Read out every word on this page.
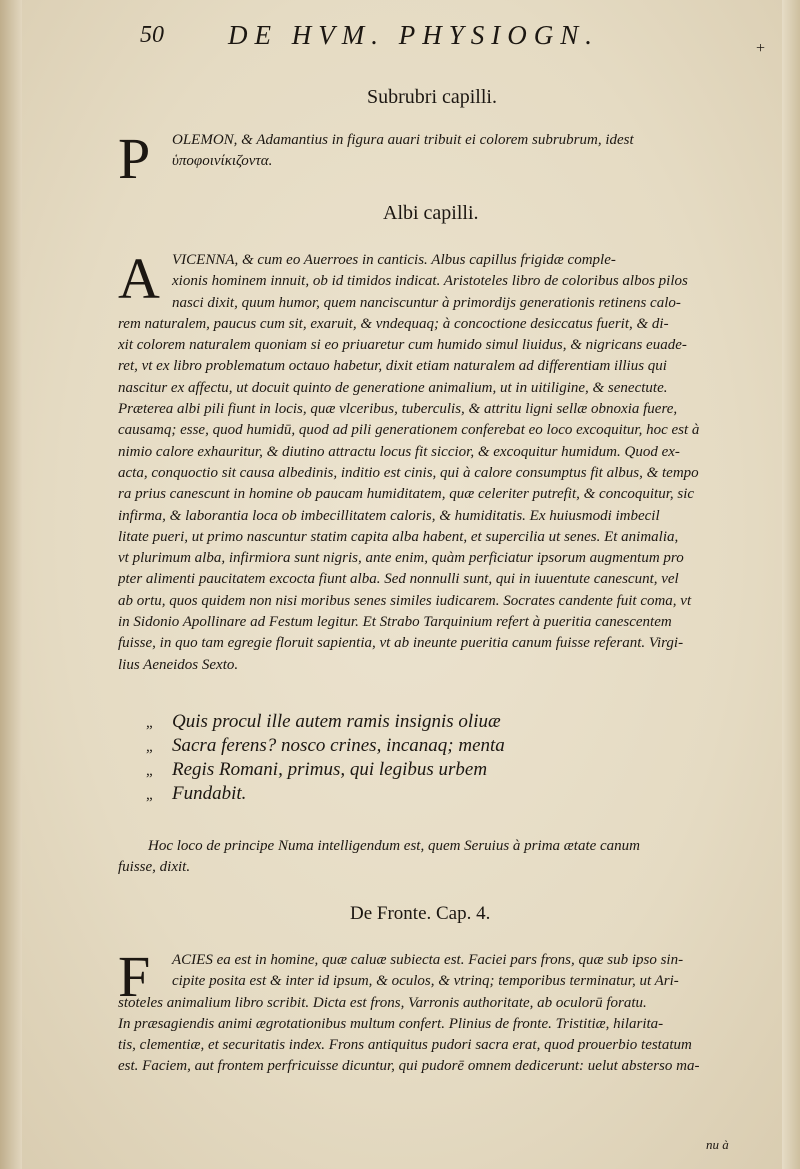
50 DE HVM. PHYSIOGN.	+
Subrubri capilli.
P	OLEMON, & Adamantius in figura auari tribuit ei colorem subrubrum, idest
ὑποφοινίκιζοντα.
Albi capilli.
A VICENNA, & cum eo Auerroes in canticis. Albus capillus frigidæ comple-
xionis hominem innuit, ob id timidos indicat. Aristoteles libro de coloribus albos pilos
nasci dixit, quum humor, quem nanciscuntur à primordijs generationis retinens calo-
rem naturalem, paucus cum sit, exaruit, & vndequaq; à concoctione desiccatus fuerit, & di-
xit colorem naturalem quoniam si eo priuaretur cum humido simul liuidus, & nigricans euade-
ret, vt ex libro problematum octauo habetur, dixit etiam naturalem ad differentiam illius qui
nascitur ex affectu, ut docuit quinto de generatione animalium, ut in uitiligine, & senectute.
Præterea albi pili fiunt in locis, quæ vlceribus, tuberculis, & attritu ligni sellæ obnoxia fuere,
causamq; esse, quod humidū, quod ad pili generationem conferebat eo loco excoquitur, hoc est à
nimio calore exhauritur, & diutino attractu locus fit siccior, & excoquitur humidum. Quod ex-
acta, conquoctio sit causa albedinis, inditio est cinis, qui à calore consumptus fit albus, & tempo
ra prius canescunt in homine ob paucam humiditatem, quæ celeriter putrefit, & concoquitur, sic
infirma, & laborantia loca ob imbecillitatem caloris, & humiditatis. Ex huiusmodi imbecil
litate pueri, ut primo nascuntur statim capita alba habent, et supercilia ut senes. Et animalia,
vt plurimum alba, infirmiora sunt nigris, ante enim, quàm perficiatur ipsorum augmentum pro
pter alimenti paucitatem excocta fiunt alba. Sed nonnulli sunt, qui in iuuentute canescunt, vel
ab ortu, quos quidem non nisi moribus senes similes iudicarem. Socrates candente fuit coma, vt
in Sidonio Apollinare ad Festum legitur. Et Strabo Tarquinium refert à pueritia canescentem
fuisse, in quo tam egregie floruit sapientia, vt ab ineunte pueritia canum fuisse referant. Virgi-
lius Aeneidos Sexto.
„ Quis procul ille autem ramis insignis oliuæ
„ Sacra ferens? nosco crines, incanaq; menta
„ Regis Romani, primus, qui legibus urbem
„ Fundabit.
Hoc loco de principe Numa intelligendum est, quem Seruius à prima ætate canum
fuisse, dixit.
De Fronte. Cap. 4.
F	ACIES ea est in homine, quæ caluæ subiecta est. Faciei pars frons, quæ sub ipso sin-
cipite posita est & inter id ipsum, & oculos, & vtrinq; temporibus terminatur, ut Ari-
stoteles animalium libro scribit. Dicta est frons, Varronis authoritate, ab oculorū foratu.
In præsagiendis animi ægrotationibus multum confert. Plinius de fronte. Tristitiæ, hilarita-
tis, clementiæ, et securitatis index. Frons antiquitus pudori sacra erat, quod prouerbio testatum
est. Faciem, aut frontem perfricuisse dicuntur, qui pudorē omnem dedicerunt: uelut absterso ma-
nu à
